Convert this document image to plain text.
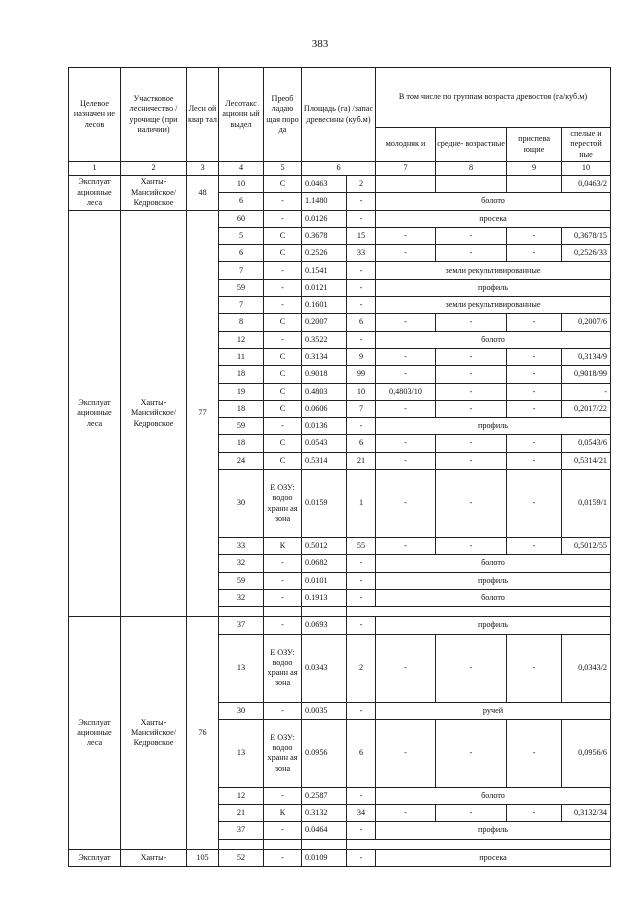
383
Целевое назначен ие лесов	Участковое лесничество /урочище (при наличии)	Лесн ой квар тал	Лесотакс ационн ый выдел	Преоб ладаю щая поро да	Площадь (га) /запас древесины (куб.м)		В том числе по группам возраста древостоя (га/куб.м)			
							молодняк и	средне- возрастные	приспева ющие	спелые и перестой ные
1	2	3	4	5	6		7	8	9	10
Эксплуат ационные леса	Ханты- Мансийское/ Кедровское	48	10	С	0.0463	2				0,0463/2
			6	-	1.1480	-	болото			
Эксплуат ационные леса	Ханты- Мансийское/ Кедровское	77	60	-	0.0126	-	просека			
			5	С	0.3678	15	-	-	-	0,3678/15
			6	С	0.2526	33	-	-	-	0,2526/33
			7	-	0.1541	-	земли рекультивированные			
			59	-	0.0121	-	профиль			
			7	-	0.1601	-	земли рекультивированные			
			8	С	0.2007	6	-	-	-	0,2007/6
			12	-	0.3522	-	болото			
			11	С	0.3134	9	-	-	-	0,3134/9
			18	С	0.9018	99	-	-	-	0,9018/99
			19	С	0.4803	10	0,4803/10	-	-	-
			18	С	0.0606	7	-	-	-	0,2017/22
			59	-	0.0136	-	профиль			
			18	С	0.0543	6	-	-	-	0,0543/6
			24	С	0.5314	21	-	-	-	0,5314/21
			30	Е ОЗУ: водоо хранн ая зона	0.0159	1	-	-	-	0,0159/1
			33	К	0.5012	55	-	-	-	0,5012/55
			32	-	0.0682	-	болото			
			59	-	0.0101	-	профиль			
			32	-	0.1913	-	болото			

Эксплуат ационные леса	Ханты- Мансийское/ Кедровское	76	37	-	0.0693	-	профиль			
			13	Е ОЗУ: водоо хранн ая зона	0.0343	2	-	-	-	0,0343/2
			30	-	0.0035	-	ручей			
			13	Е ОЗУ: водоо хранн ая зона	0.0956	6	-	-	-	0,0956/6
			12	-	0.2587	-	болото			
			21	К	0.3132	34	-	-	-	0,3132/34
			37	-	0.0464	-	профиль			

Эксплуат	Ханты-	105	52	-	0.0109	-	просека			
